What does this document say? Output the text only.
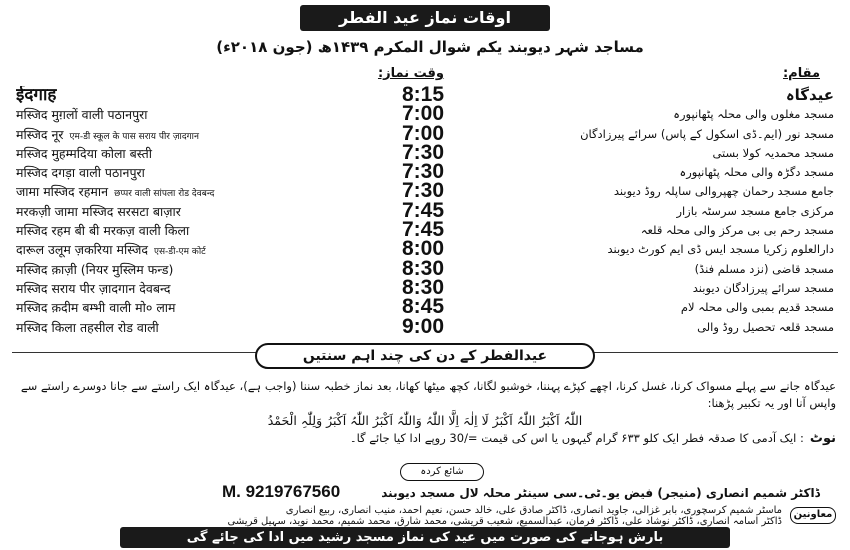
اوقات نماز عید الفطر
مساجد شہر دیوبند یکم شوال المکرم ۱۴۳۹ھ (جون ۲۰۱۸ء)
وقت نماز:	مقام:
ईदगाह	8:15	عیدگاہ
मस्जिद मुग़लों वाली पठानपुरा	7:00	مسجد مغلوں والی محلہ پٹھانپورہ
मस्जिद नूर एम-डी स्कूल के पास सराय पीर ज़ादगान	7:00	مسجد نور (ایم۔ڈی اسکول کے پاس) سرائے پیرزادگان
मस्जिद मुहम्मदिया कोला बस्ती	7:30	مسجد محمدیہ کولا بستی
मस्जिद दगड़ा वाली पठानपुरा	7:30	مسجد دگڑہ والی محلہ پٹھانپورہ
जामा मस्जिद रहमान छप्पर वाली सांपला रोड देवबन्द	7:30	جامع مسجد رحمان چھپروالی ساپلہ روڈ دیوبند
मरकज़ी जामा मस्जिद सरसटा बाज़ार	7:45	مرکزی جامع مسجد سرسٹہ بازار
मस्जिद रहम बी बी मरकज़ वाली किला	7:45	مسجد رحم بی بی مرکز والی محلہ قلعہ
दारूल उलूम ज़करिया मस्जिद एस-डी-एम कोर्ट	8:00	دارالعلوم زکریا مسجد ایس ڈی ایم کورٹ دیوبند
मस्जिद क़ाज़ी (नियर मुस्लिम फन्ड)	8:30	مسجد قاضی (نزد مسلم فنڈ)
मस्जिद सराय पीर ज़ादगान देवबन्द	8:30	مسجد سرائے پیرزادگان دیوبند
मस्जिद क़दीम बम्भी वाली मो० लाम	8:45	مسجد قدیم بمبی والی محلہ لام
मस्जिद किला तहसील रोड वाली	9:00	مسجد قلعہ تحصیل روڈ والی
عیدالفطر کے دن کی چند اہم سنتیں
عیدگاہ جانے سے پہلے مسواک کرنا، غسل کرنا، اچھے کپڑے پہننا، خوشبو لگانا، کچھ میٹھا کھانا، بعد نماز خطبہ سننا (واجب ہے)، عیدگاہ ایک راستے سے جانا دوسرے راستے سے واپس آنا اور یہ تکبیر پڑھنا:
اللّٰہُ اَکْبَرُ اللّٰہُ اَکْبَرُ لَا اِلٰہَ اِلَّا اللّٰہُ وَاللّٰہُ اَکْبَرُ اللّٰہُ اَکْبَرُ وَلِلّٰہِ الْحَمْدُ
نوٹ: ایک آدمی کا صدقہ فطر ایک کلو ۶۳۳ گرام گیہوں یا اس کی قیمت =/30 روپے ادا کیا جائے گا۔
شائع کردہ
ڈاکٹر شمیم انصاری (منیجر) فیض یو۔ٹی۔سی سینٹر محلہ لال مسجد دیوبند
M. 9219767560
معاونین
ماسٹر شمیم کرسچوری، بابر غزالی، جاوید انصاری، ڈاکٹر صادق علی، خالد حسن، نعیم احمد، منیب انصاری، ربیع انصاری
ڈاکٹر اسامہ انصاری، ڈاکٹر نوشاد علی، ڈاکٹر فرمان، عبدالسمیع، شعیب قریشی، محمد شارق، محمد شمیم، محمد نوید، سہیل قریشی
بارش ہوجانے کی صورت میں عید کی نماز مسجد رشید میں ادا کی جائے گی
